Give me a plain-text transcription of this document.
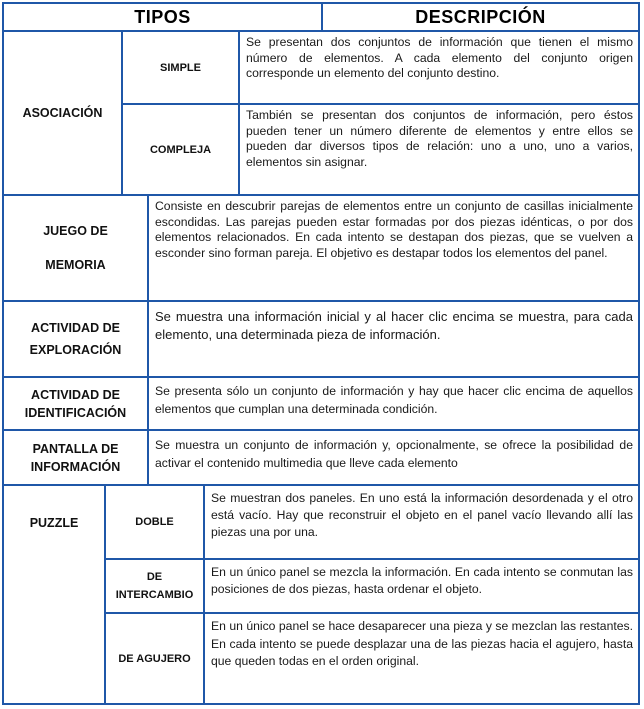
TIPOS	DESCRIPCIÓN
ASOCIACIÓN
SIMPLE
Se presentan dos conjuntos de información que tienen el mismo número de elementos. A cada elemento del conjunto origen corresponde un elemento del conjunto destino.
COMPLEJA
También se presentan dos conjuntos de información, pero éstos pueden tener un número diferente de elementos y entre ellos se pueden dar diversos tipos de relación: uno a uno, uno a varios, elementos sin asignar.
JUEGO DE MEMORIA
Consiste en descubrir parejas de elementos entre un conjunto de casillas inicialmente escondidas. Las parejas pueden estar formadas por dos piezas idénticas, o por dos elementos relacionados. En cada intento se destapan dos piezas, que se vuelven a esconder sino forman pareja. El objetivo es destapar todos los elementos del panel.
ACTIVIDAD DE EXPLORACIÓN
Se muestra una información inicial y al hacer clic encima se muestra, para cada elemento, una determinada pieza de información.
ACTIVIDAD DE IDENTIFICACIÓN
Se presenta sólo un conjunto de información y hay que hacer clic encima de aquellos elementos que cumplan una determinada condición.
PANTALLA DE INFORMACIÓN
Se muestra un conjunto de información y, opcionalmente, se ofrece la posibilidad de activar el contenido multimedia que lleve cada elemento
PUZZLE	DOBLE
Se muestran dos paneles. En uno está la información desordenada y el otro está vacío. Hay que reconstruir el objeto en el panel vacío llevando allí las piezas una por una.
DE INTERCAMBIO
En un único panel se mezcla la información. En cada intento se conmutan las posiciones de dos piezas, hasta ordenar el objeto.
DE AGUJERO
En un único panel se hace desaparecer una pieza y se mezclan las restantes. En cada intento se puede desplazar una de las piezas hacia el agujero, hasta que queden todas en el orden original.
